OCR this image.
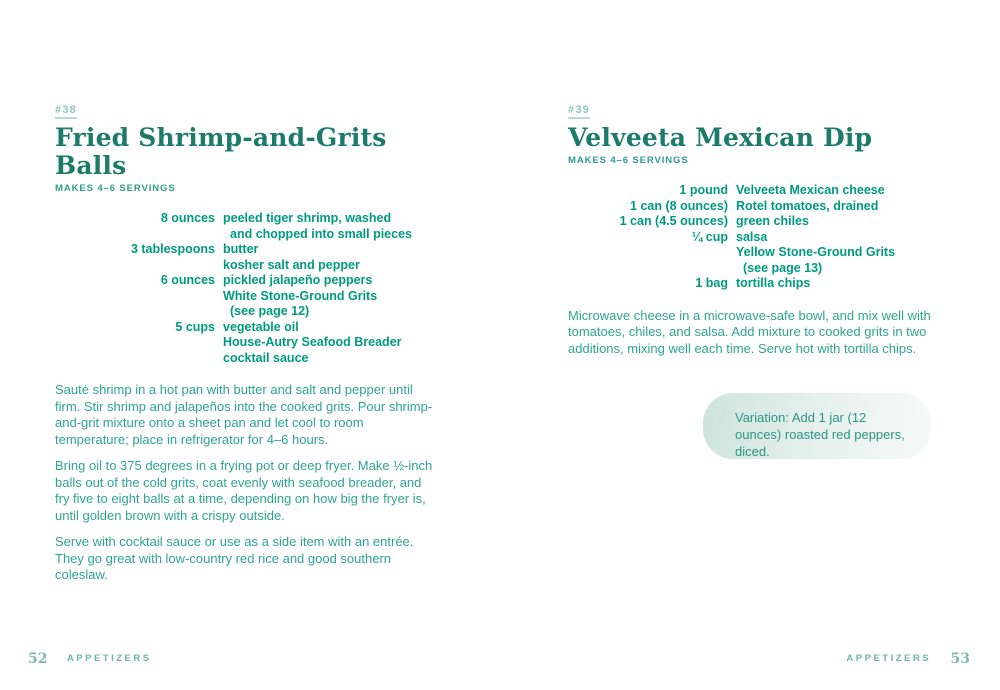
#38
Fried Shrimp-and-Grits Balls
MAKES 4–6 SERVINGS
8 ounces peeled tiger shrimp, washed
and chopped into small pieces
3 tablespoons butter
kosher salt and pepper
6 ounces pickled jalapeño peppers
White Stone-Ground Grits
(see page 12)
5 cups vegetable oil
House-Autry Seafood Breader
cocktail sauce

Sauté shrimp in a hot pan with butter and salt and pepper until firm. Stir shrimp and jalapeños into the cooked grits. Pour shrimp-and-grit mixture onto a sheet pan and let cool to room temperature; place in refrigerator for 4–6 hours.

Bring oil to 375 degrees in a frying pot or deep fryer. Make ½-inch balls out of the cold grits, coat evenly with seafood breader, and fry five to eight balls at a time, depending on how big the fryer is, until golden brown with a crispy outside.

Serve with cocktail sauce or use as a side item with an entrée. They go great with low-country red rice and good southern coleslaw.

#39
Velveeta Mexican Dip
MAKES 4–6 SERVINGS
1 pound Velveeta Mexican cheese
1 can (8 ounces) Rotel tomatoes, drained
1 can (4.5 ounces) green chiles
¼ cup salsa
Yellow Stone-Ground Grits
(see page 13)
1 bag tortilla chips

Microwave cheese in a microwave-safe bowl, and mix well with tomatoes, chiles, and salsa. Add mixture to cooked grits in two additions, mixing well each time. Serve hot with tortilla chips.

Variation: Add 1 jar (12 ounces) roasted red peppers, diced.
52 APPETIZERS	APPETIZERS 53
